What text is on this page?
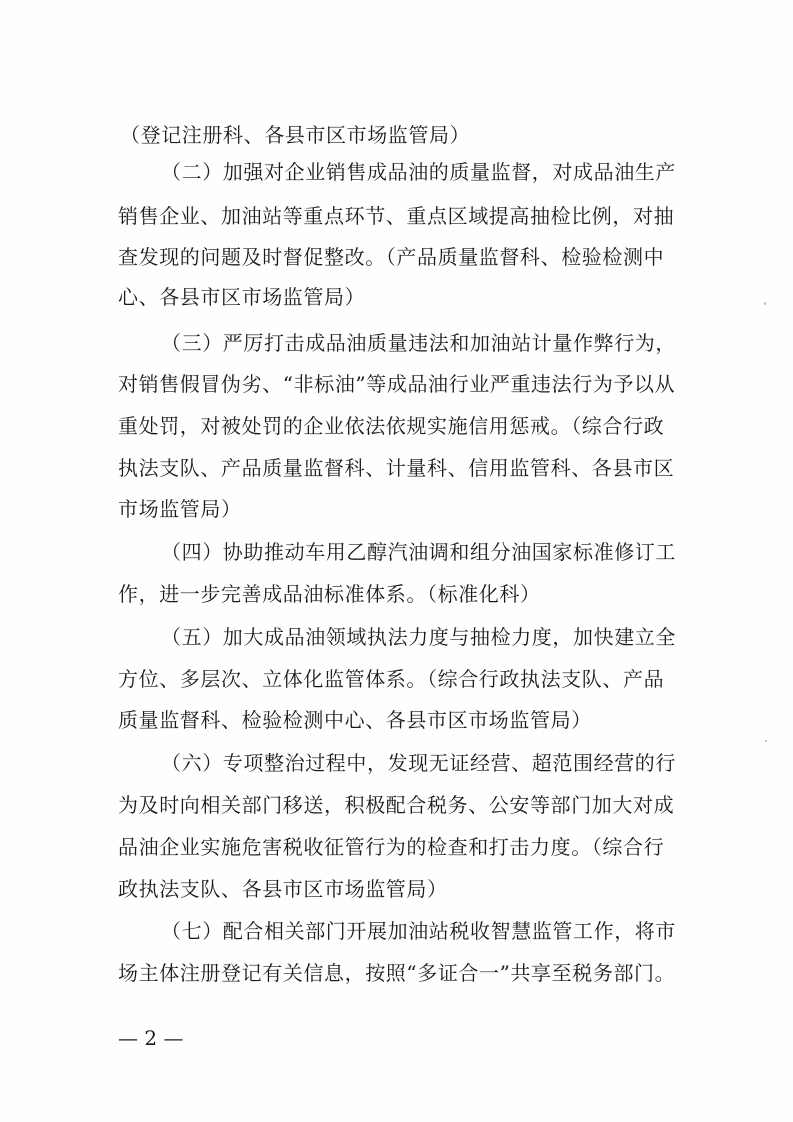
（登记注册科、各县市区市场监管局）
（二）加强对企业销售成品油的质量监督，对成品油生产
销售企业、加油站等重点环节、重点区域提高抽检比例，对抽
查发现的问题及时督促整改。（产品质量监督科、检验检测中
心、各县市区市场监管局）
（三）严厉打击成品油质量违法和加油站计量作弊行为，
对销售假冒伪劣、“非标油”等成品油行业严重违法行为予以从
重处罚，对被处罚的企业依法依规实施信用惩戒。（综合行政
执法支队、产品质量监督科、计量科、信用监管科、各县市区
市场监管局）
（四）协助推动车用乙醇汽油调和组分油国家标准修订工
作，进一步完善成品油标准体系。（标准化科）
（五）加大成品油领域执法力度与抽检力度，加快建立全
方位、多层次、立体化监管体系。（综合行政执法支队、产品
质量监督科、检验检测中心、各县市区市场监管局）
（六）专项整治过程中，发现无证经营、超范围经营的行
为及时向相关部门移送，积极配合税务、公安等部门加大对成
品油企业实施危害税收征管行为的检查和打击力度。（综合行
政执法支队、各县市区市场监管局）
（七）配合相关部门开展加油站税收智慧监管工作，将市
场主体注册登记有关信息，按照“多证合一”共享至税务部门。
— 2 —
